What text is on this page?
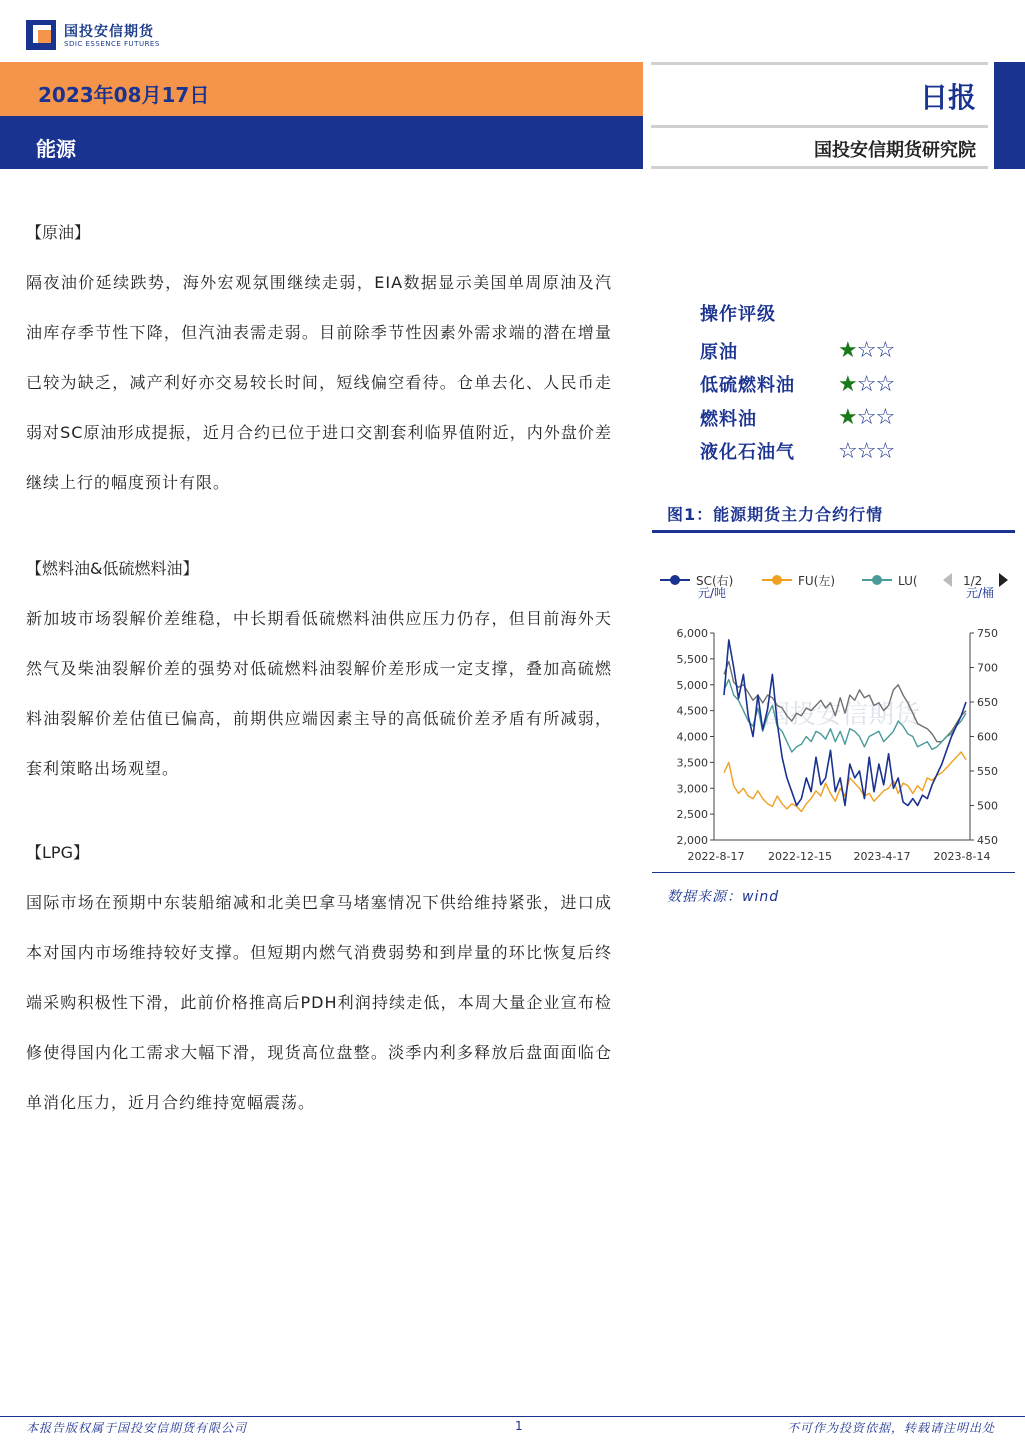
国投安信期货
SDIC ESSENCE FUTURES
2023年08月17日
能源
日报
国投安信期货研究院

【原油】

隔夜油价延续跌势，海外宏观氛围继续走弱，EIA数据显示美国单周原油及汽油库存季节性下降，但汽油表需走弱。目前除季节性因素外需求端的潜在增量已较为缺乏，减产利好亦交易较长时间，短线偏空看待。仓单去化、人民币走弱对SC原油形成提振，近月合约已位于进口交割套利临界值附近，内外盘价差继续上行的幅度预计有限。

【燃料油&低硫燃料油】

新加坡市场裂解价差维稳，中长期看低硫燃料油供应压力仍存，但目前海外天然气及柴油裂解价差的强势对低硫燃料油裂解价差形成一定支撑，叠加高硫燃料油裂解价差估值已偏高，前期供应端因素主导的高低硫价差矛盾有所减弱，套利策略出场观望。

【LPG】

国际市场在预期中东装船缩减和北美巴拿马堵塞情况下供给维持紧张，进口成本对国内市场维持较好支撑。但短期内燃气消费弱势和到岸量的环比恢复后终端采购积极性下滑，此前价格推高后PDH利润持续走低，本周大量企业宣布检修使得国内化工需求大幅下滑，现货高位盘整。淡季内利多释放后盘面面临仓单消化压力，近月合约维持宽幅震荡。

操作评级
原油	★☆☆
低硫燃料油	★☆☆
燃料油	★☆☆
液化石油气	☆☆☆
图1：能源期货主力合约行情
国投安信期货
SC(右)	FU(左)	LU(	1/2
元/吨	元/桶
6,000
5,500
5,000
4,500
4,000
3,500
3,000
2,500
2,000
750
700
650
600
550
500
450
2022-8-17 2022-12-15 2023-4-17 2023-8-14
数据来源：wind
本报告版权属于国投安信期货有限公司	1	不可作为投资依据，转载请注明出处
